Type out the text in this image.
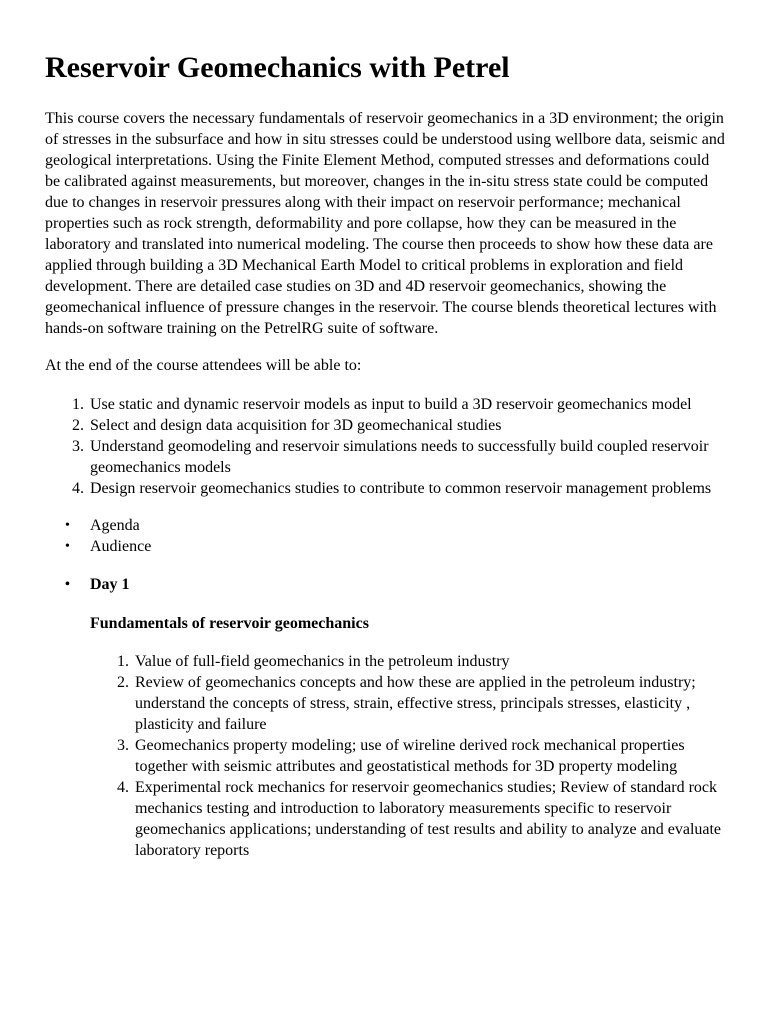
Reservoir Geomechanics with Petrel

This course covers the necessary fundamentals of reservoir geomechanics in a 3D environment; the origin of stresses in the subsurface and how in situ stresses could be understood using wellbore data, seismic and geological interpretations. Using the Finite Element Method, computed stresses and deformations could be calibrated against measurements, but moreover, changes in the in-situ stress state could be computed due to changes in reservoir pressures along with their impact on reservoir performance; mechanical properties such as rock strength, deformability and pore collapse, how they can be measured in the laboratory and translated into numerical modeling. The course then proceeds to show how these data are applied through building a 3D Mechanical Earth Model to critical problems in exploration and field development. There are detailed case studies on 3D and 4D reservoir geomechanics, showing the geomechanical influence of pressure changes in the reservoir. The course blends theoretical lectures with hands-on software training on the PetrelRG suite of software.

At the end of the course attendees will be able to:

1. Use static and dynamic reservoir models as input to build a 3D reservoir geomechanics model
2. Select and design data acquisition for 3D geomechanical studies
3. Understand geomodeling and reservoir simulations needs to successfully build coupled reservoir geomechanics models
4. Design reservoir geomechanics studies to contribute to common reservoir management problems
• Agenda
• Audience
• Day 1

Fundamentals of reservoir geomechanics

1. Value of full-field geomechanics in the petroleum industry
2. Review of geomechanics concepts and how these are applied in the petroleum industry; understand the concepts of stress, strain, effective stress, principals stresses, elasticity , plasticity and failure
3. Geomechanics property modeling; use of wireline derived rock mechanical properties together with seismic attributes and geostatistical methods for 3D property modeling
4. Experimental rock mechanics for reservoir geomechanics studies; Review of standard rock mechanics testing and introduction to laboratory measurements specific to reservoir geomechanics applications; understanding of test results and ability to analyze and evaluate laboratory reports
